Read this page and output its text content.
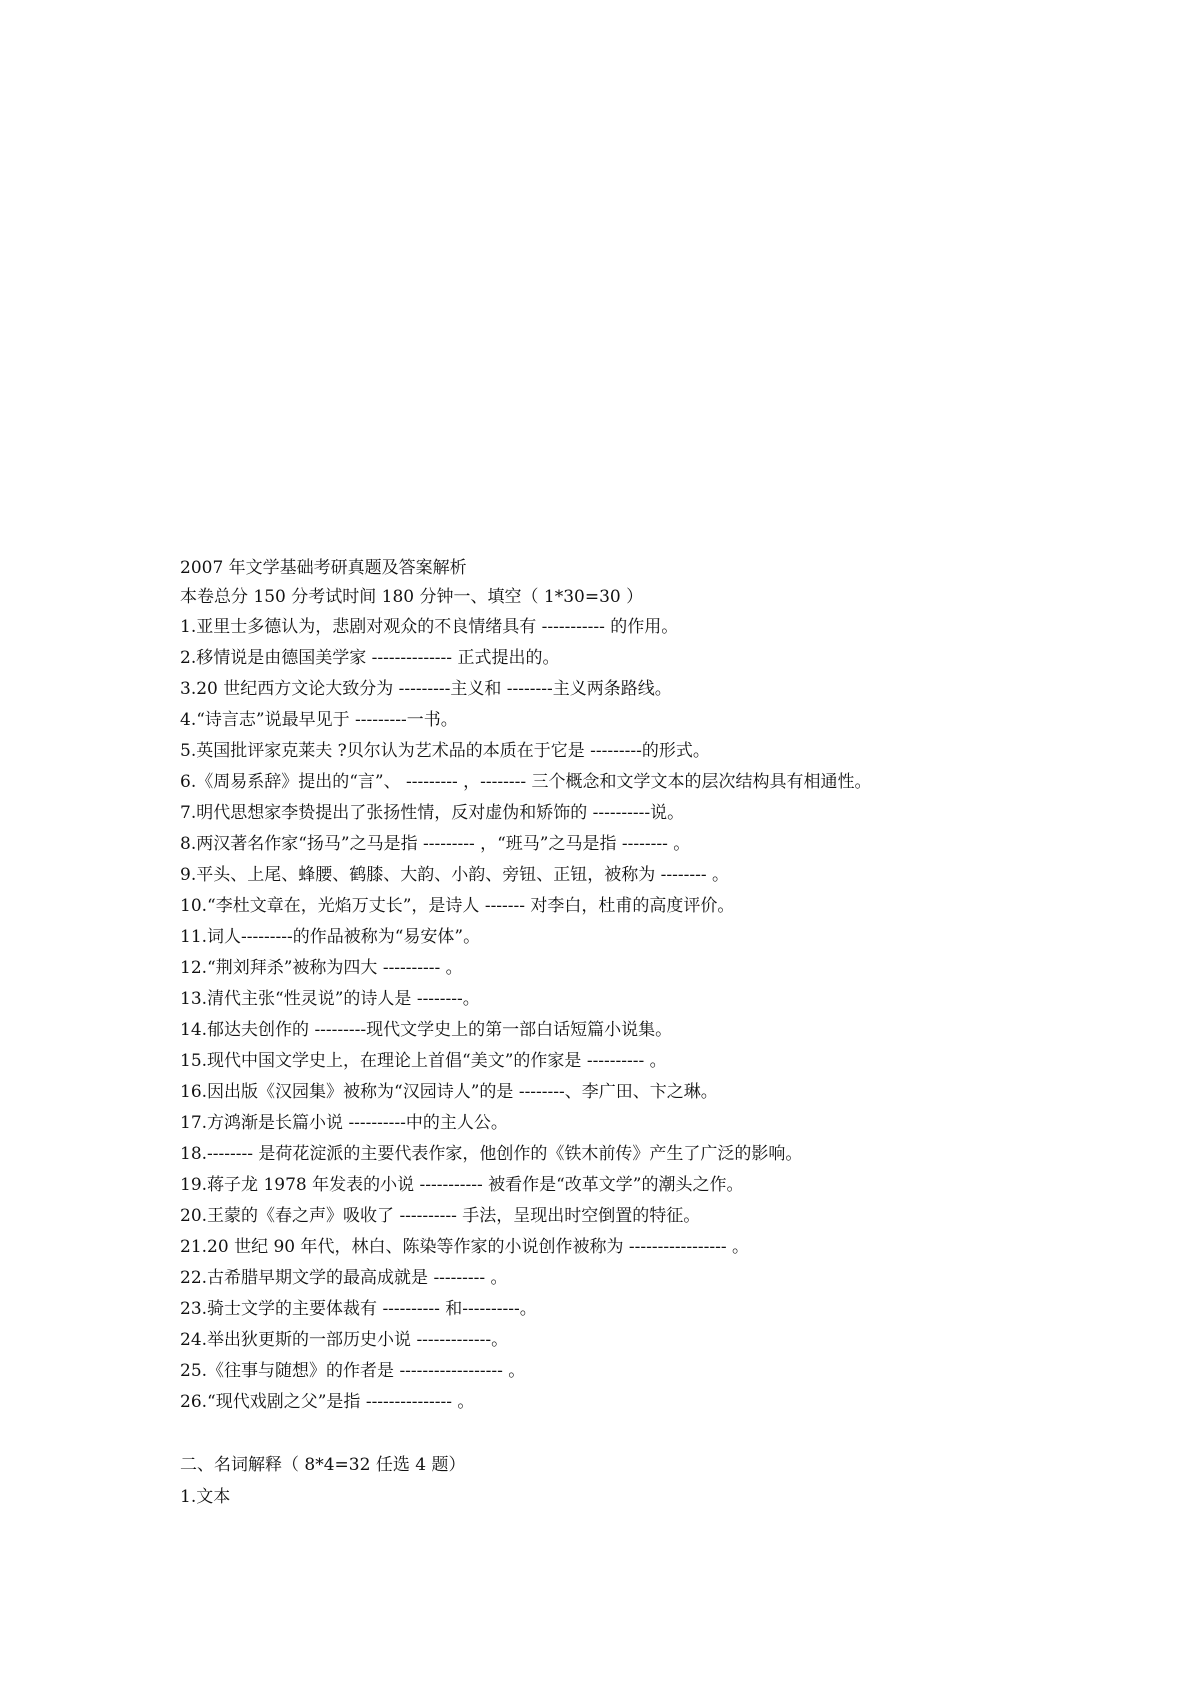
2007 年文学基础考研真题及答案解析
本卷总分 150 分考试时间 180 分钟一、填空（ 1*30=30 ）
1.亚里士多德认为，悲剧对观众的不良情绪具有 ----------- 的作用。
2.移情说是由德国美学家 -------------- 正式提出的。
3.20 世纪西方文论大致分为 ---------主义和 --------主义两条路线。
4.“诗言志”说最早见于 ---------一书。
5.英国批评家克莱夫 ?贝尔认为艺术品的本质在于它是 ---------的形式。
6.《周易系辞》提出的“言”、 --------- ，-------- 三个概念和文学文本的层次结构具有相通性。
7.明代思想家李贽提出了张扬性情，反对虚伪和矫饰的 ----------说。
8.两汉著名作家“扬马”之马是指 --------- ，“班马”之马是指 -------- 。
9.平头、上尾、蜂腰、鹤膝、大韵、小韵、旁钮、正钮，被称为 -------- 。
10.“李杜文章在，光焰万丈长”，是诗人 ------- 对李白，杜甫的高度评价。
11.词人---------的作品被称为“易安体”。
12.“荆刘拜杀”被称为四大 ---------- 。
13.清代主张“性灵说”的诗人是 --------。
14.郁达夫创作的 ---------现代文学史上的第一部白话短篇小说集。
15.现代中国文学史上，在理论上首倡“美文”的作家是 ---------- 。
16.因出版《汉园集》被称为“汉园诗人”的是 --------、李广田、卞之琳。
17.方鸿渐是长篇小说 ----------中的主人公。
18.-------- 是荷花淀派的主要代表作家，他创作的《铁木前传》产生了广泛的影响。
19.蒋子龙 1978 年发表的小说 ----------- 被看作是“改革文学”的潮头之作。
20.王蒙的《春之声》吸收了 ---------- 手法，呈现出时空倒置的特征。
21.20 世纪 90 年代，林白、陈染等作家的小说创作被称为 ----------------- 。
22.古希腊早期文学的最高成就是 --------- 。
23.骑士文学的主要体裁有 ---------- 和----------。
24.举出狄更斯的一部历史小说 -------------。
25.《往事与随想》的作者是 ------------------ 。
26.“现代戏剧之父”是指 --------------- 。
二、名词解释（ 8*4=32 任选 4 题）
1.文本
